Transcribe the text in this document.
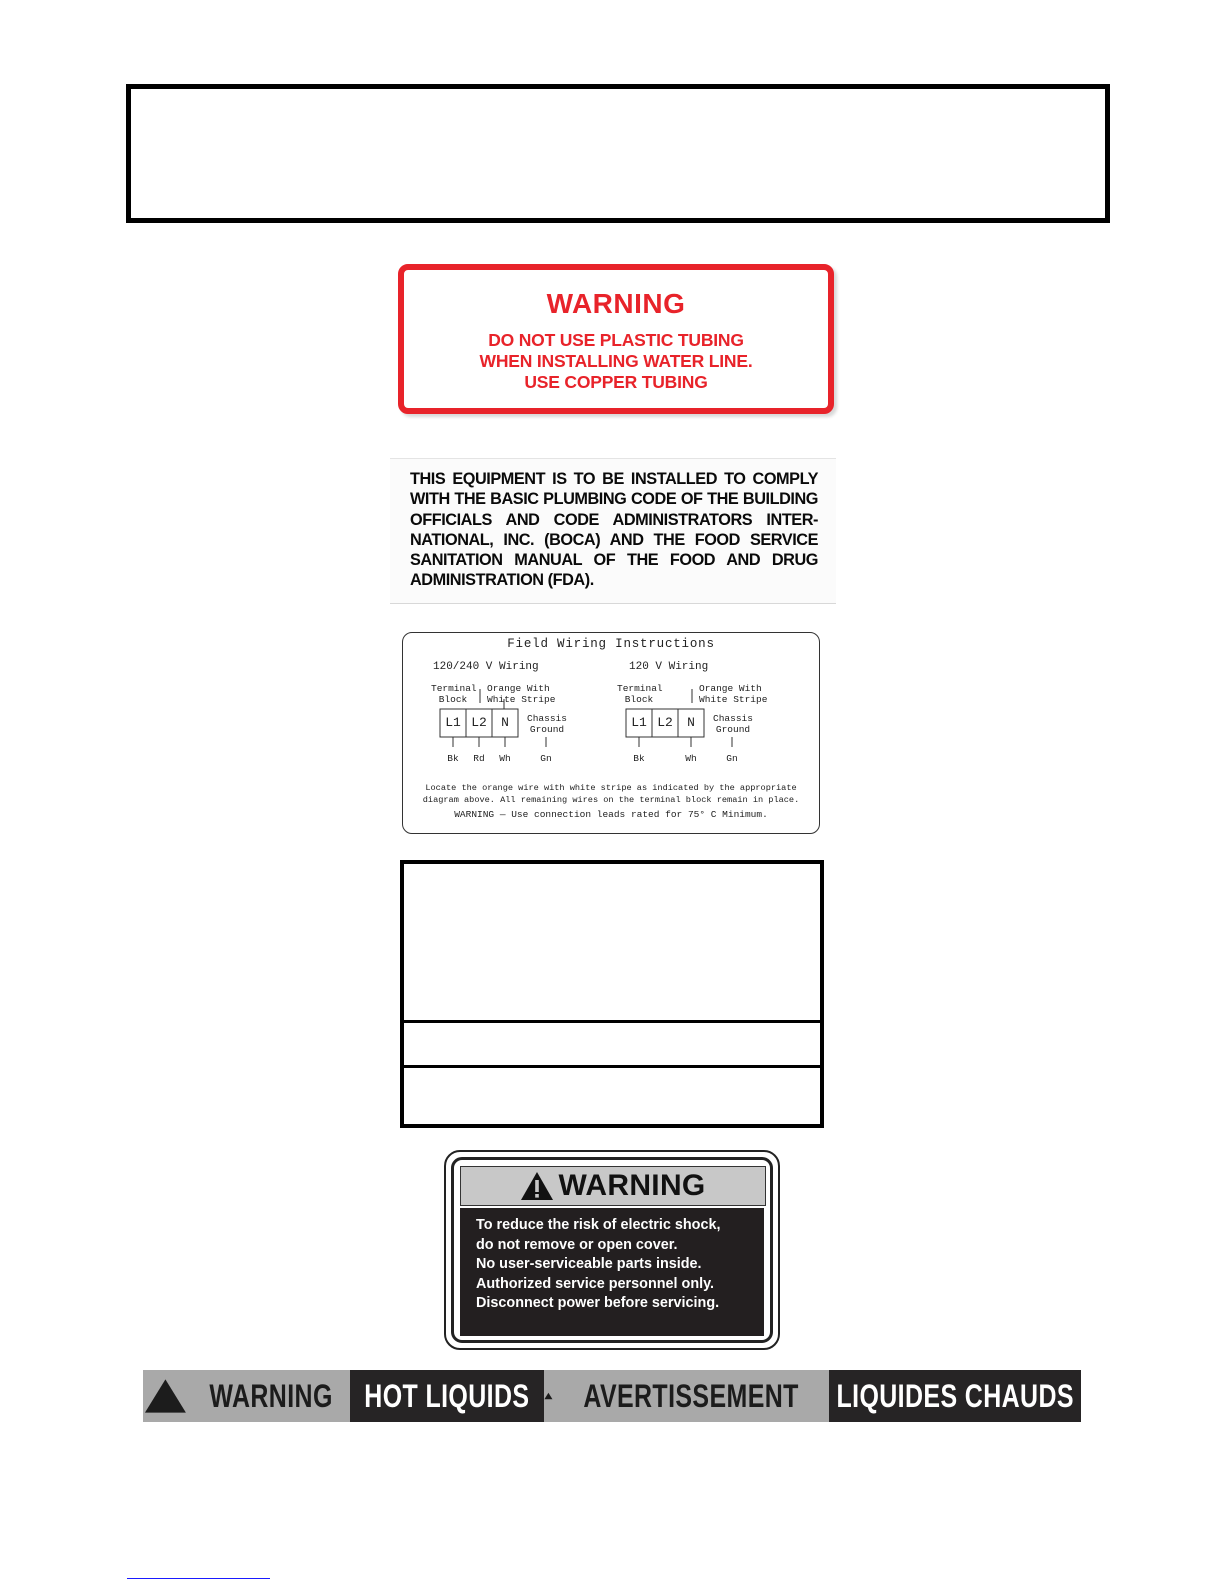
WARNING
DO NOT USE PLASTIC TUBING
WHEN INSTALLING WATER LINE.
USE COPPER TUBING

THIS EQUIPMENT IS TO BE INSTALLED TO COMPLY WITH THE BASIC PLUMBING CODE OF THE BUILDING OFFICIALS AND CODE ADMINISTRATORS INTER-NATIONAL, INC. (BOCA) AND THE FOOD SERVICE SANITATION MANUAL OF THE FOOD AND DRUG ADMINISTRATION (FDA).

Field Wiring Instructions
120/240 V Wiring
Terminal
Block
Orange With
White Stripe
Chassis
Ground
L1 L2	N
Bk	Rd	Wh	Gn
120 V Wiring
Terminal
Block
Orange With
White Stripe
Chassis
Ground
L1 L2	N
Bk	Wh	Gn
Locate the orange wire with white stripe as indicated by the appropriate
diagram above. All remaining wires on the terminal block remain in place.
WARNING — Use connection leads rated for 75° C Minimum.
WARNING
To reduce the risk of electric shock,
do not remove or open cover.
No user-serviceable parts inside.
Authorized service personnel only.
Disconnect power before servicing.
WARNING HOT LIQUIDS AVERTISSEMENT LIQUIDES CHAUDS
